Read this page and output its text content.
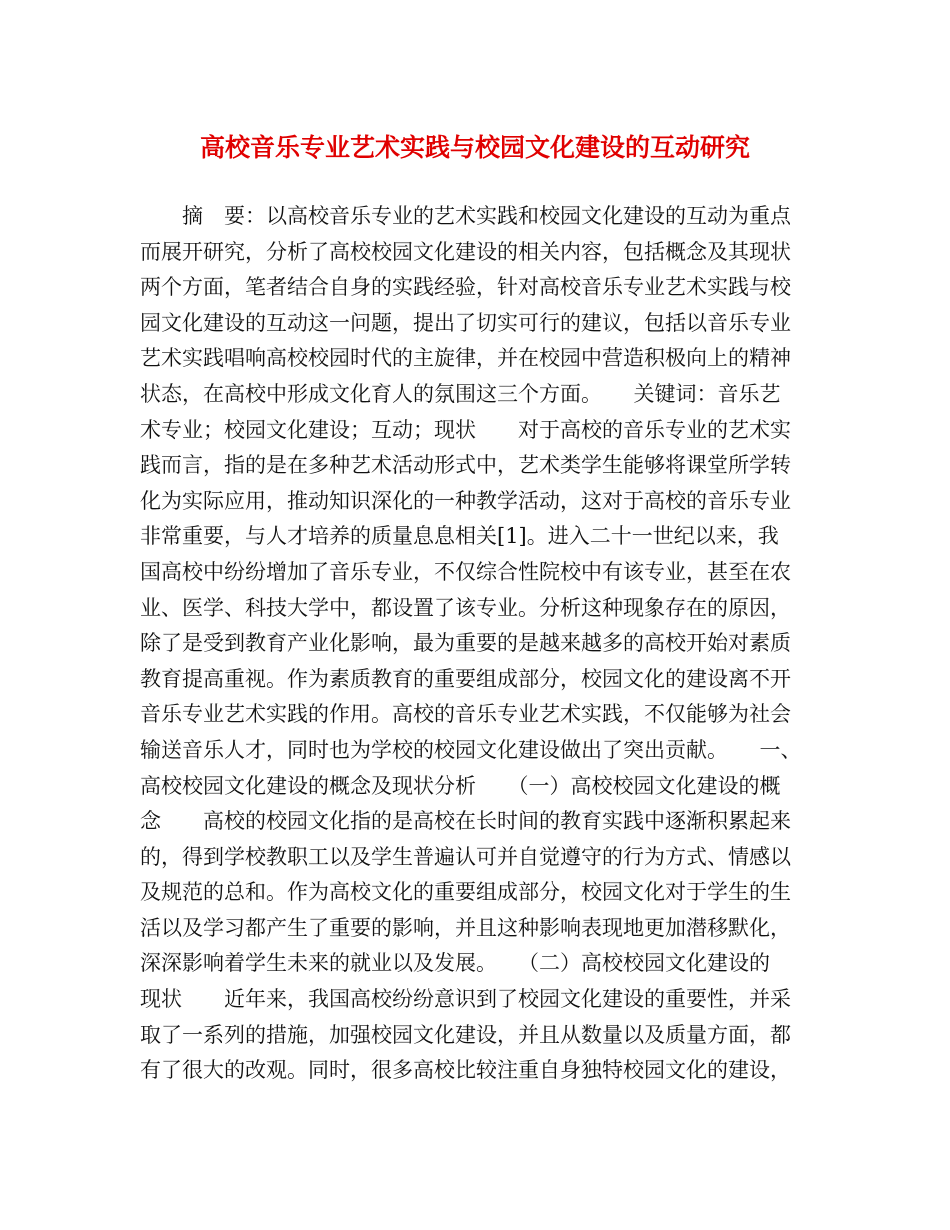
高校音乐专业艺术实践与校园文化建设的互动研究
摘　要：以高校音乐专业的艺术实践和校园文化建设的互动为重点
而展开研究，分析了高校校园文化建设的相关内容，包括概念及其现状
两个方面，笔者结合自身的实践经验，针对高校音乐专业艺术实践与校
园文化建设的互动这一问题，提出了切实可行的建议，包括以音乐专业
艺术实践唱响高校校园时代的主旋律，并在校园中营造积极向上的精神
状态，在高校中形成文化育人的氛围这三个方面。　　关键词：音乐艺
术专业；校园文化建设；互动；现状　　对于高校的音乐专业的艺术实
践而言，指的是在多种艺术活动形式中，艺术类学生能够将课堂所学转
化为实际应用，推动知识深化的一种教学活动，这对于高校的音乐专业
非常重要，与人才培养的质量息息相关[1]。进入二十一世纪以来，我
国高校中纷纷增加了音乐专业，不仅综合性院校中有该专业，甚至在农
业、医学、科技大学中，都设置了该专业。分析这种现象存在的原因，
除了是受到教育产业化影响，最为重要的是越来越多的高校开始对素质
教育提高重视。作为素质教育的重要组成部分，校园文化的建设离不开
音乐专业艺术实践的作用。高校的音乐专业艺术实践，不仅能够为社会
输送音乐人才，同时也为学校的校园文化建设做出了突出贡献。　　一、
高校校园文化建设的概念及现状分析　　（一）高校校园文化建设的概
念　　高校的校园文化指的是高校在长时间的教育实践中逐渐积累起来
的，得到学校教职工以及学生普遍认可并自觉遵守的行为方式、情感以
及规范的总和。作为高校文化的重要组成部分，校园文化对于学生的生
活以及学习都产生了重要的影响，并且这种影响表现地更加潜移默化，
深深影响着学生未来的就业以及发展。　　（二）高校校园文化建设的
现状　　近年来，我国高校纷纷意识到了校园文化建设的重要性，并采
取了一系列的措施，加强校园文化建设，并且从数量以及质量方面，都
有了很大的改观。同时，很多高校比较注重自身独特校园文化的建设，
